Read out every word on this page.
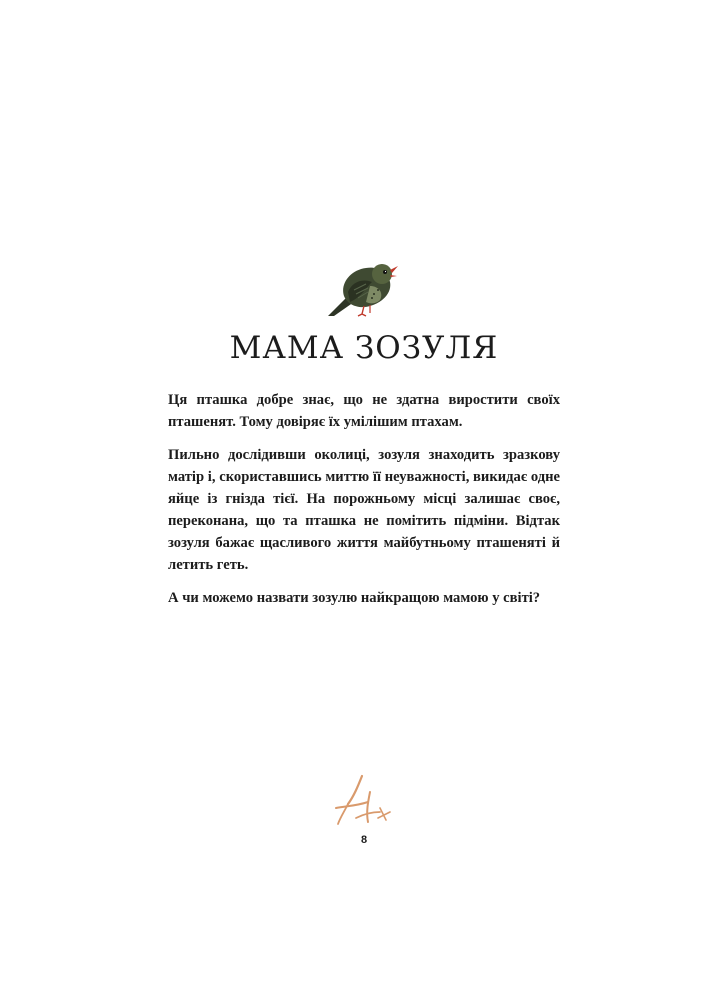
МАМА ЗОЗУЛЯ

Ця пташка добре знає, що не здатна виростити своїх пташенят. Тому довіряє їх умілішим птахам.

Пильно дослідивши околиці, зозуля знаходить зразкову матір і, скориставшись миттю її неуважності, викидає одне яйце із гнізда тієї. На порожньому місці залишає своє, переконана, що та пташка не помітить підміни. Відтак зозуля бажає щасливого життя майбутньому пташеняті й летить геть.

А чи можемо назвати зозулю найкращою мамою у світі?

8
